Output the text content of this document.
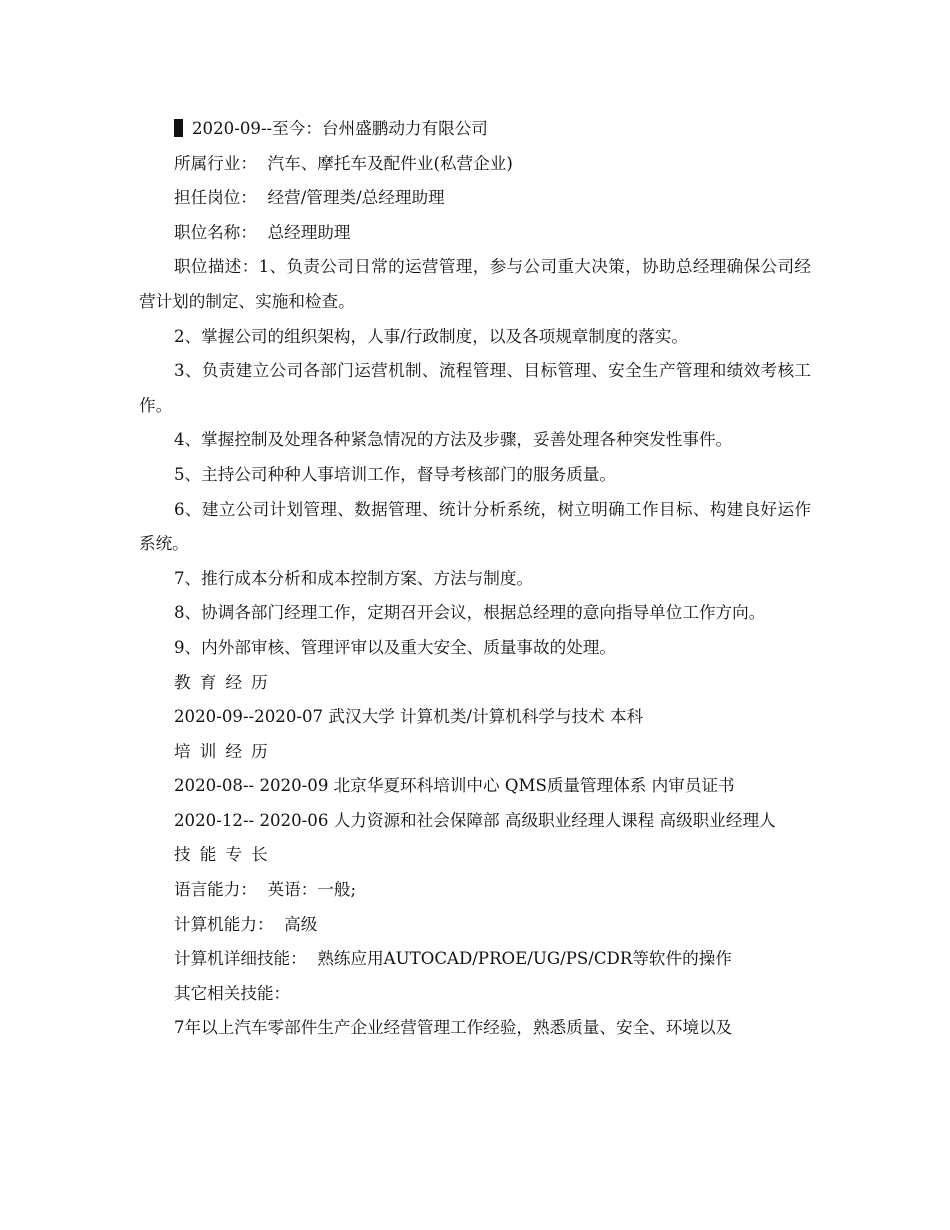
2020-09--至今：台州盛鹏动力有限公司

所属行业： 汽车、摩托车及配件业(私营企业)

担任岗位： 经营/管理类/总经理助理

职位名称： 总经理助理

职位描述：1、负责公司日常的运营管理，参与公司重大决策，协助总经理确保公司经营计划的制定、实施和检查。

2、掌握公司的组织架构，人事/行政制度，以及各项规章制度的落实。

3、负责建立公司各部门运营机制、流程管理、目标管理、安全生产管理和绩效考核工作。

4、掌握控制及处理各种紧急情况的方法及步骤，妥善处理各种突发性事件。

5、主持公司种种人事培训工作，督导考核部门的服务质量。

6、建立公司计划管理、数据管理、统计分析系统，树立明确工作目标、构建良好运作系统。

7、推行成本分析和成本控制方案、方法与制度。

8、协调各部门经理工作，定期召开会议，根据总经理的意向指导单位工作方向。

9、内外部审核、管理评审以及重大安全、质量事故的处理。

教育经历

2020-09--2020-07 武汉大学 计算机类/计算机科学与技术 本科

培训经历

2020-08-- 2020-09 北京华夏环科培训中心 QMS质量管理体系 内审员证书

2020-12-- 2020-06 人力资源和社会保障部 高级职业经理人课程 高级职业经理人

技能专长

语言能力： 英语：一般;

计算机能力： 高级

计算机详细技能： 熟练应用AUTOCAD/PROE/UG/PS/CDR等软件的操作

其它相关技能：

7年以上汽车零部件生产企业经营管理工作经验，熟悉质量、安全、环境以及
